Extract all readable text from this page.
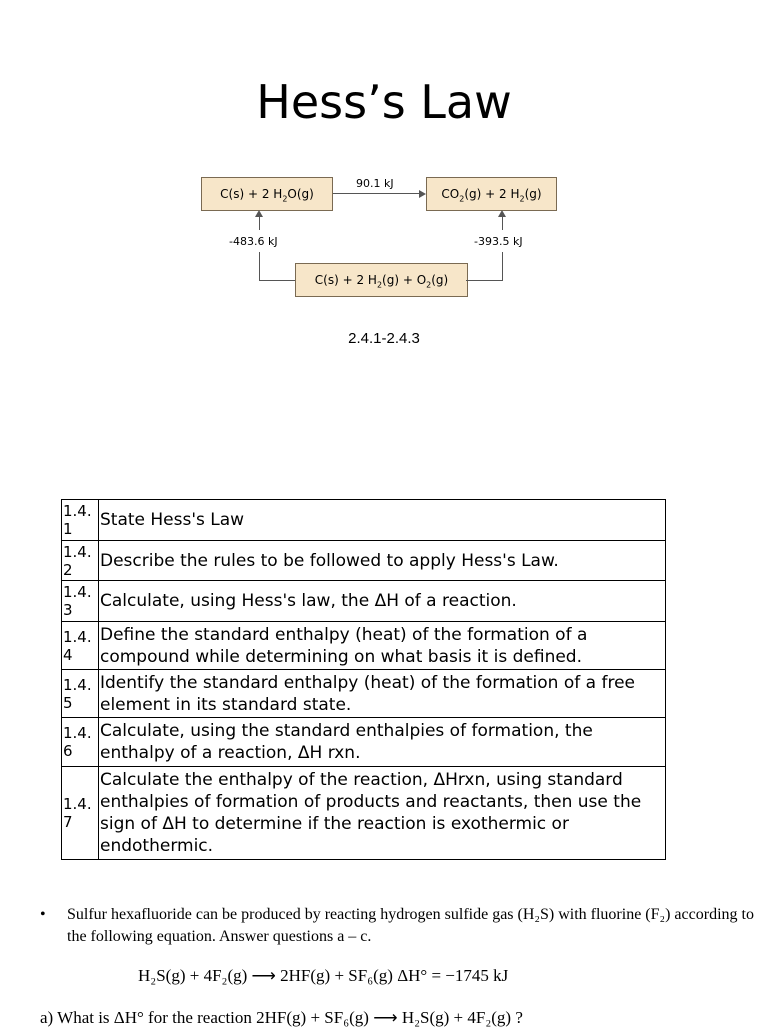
Hess’s Law
C(s) + 2 $H_2O(g)$	$CO_2(g) + 2$ $H_2(g)$
C(s) + 2 $H_2(g) + O_2(g)$
90.1 kJ
-483.6 kJ	-393.5 kJ
2.4.1-2.4.3
1.4.1	State Hess's Law
1.4.2	Describe the rules to be followed to apply Hess's Law.
1.4.3	Calculate, using Hess's law, the ΔH of a reaction.
1.4.4	Define the standard enthalpy (heat) of the formation of a compound while determining on what basis it is defined.
1.4.5	Identify the standard enthalpy (heat) of the formation of a free element in its standard state.
1.4.6	Calculate, using the standard enthalpies of formation, the enthalpy of a reaction, ΔH rxn.
1.4.7	Calculate the enthalpy of the reaction, ΔHrxn, using standard enthalpies of formation of products and reactants, then use the sign of ΔH to determine if the reaction is exothermic or endothermic.
• Sulfur hexafluoride can be produced by reacting hydrogen sulfide gas (H₂S) with fluorine (F₂) according to the following equation. Answer questions a – c.
H₂S(g) + 4F₂(g) ⟶ 2HF(g) + SF₆(g) ΔH° = −1745 kJ
a) What is ΔH° for the reaction 2HF(g) + SF₆(g) ⟶ H₂S(g) + 4F₂(g) ?
